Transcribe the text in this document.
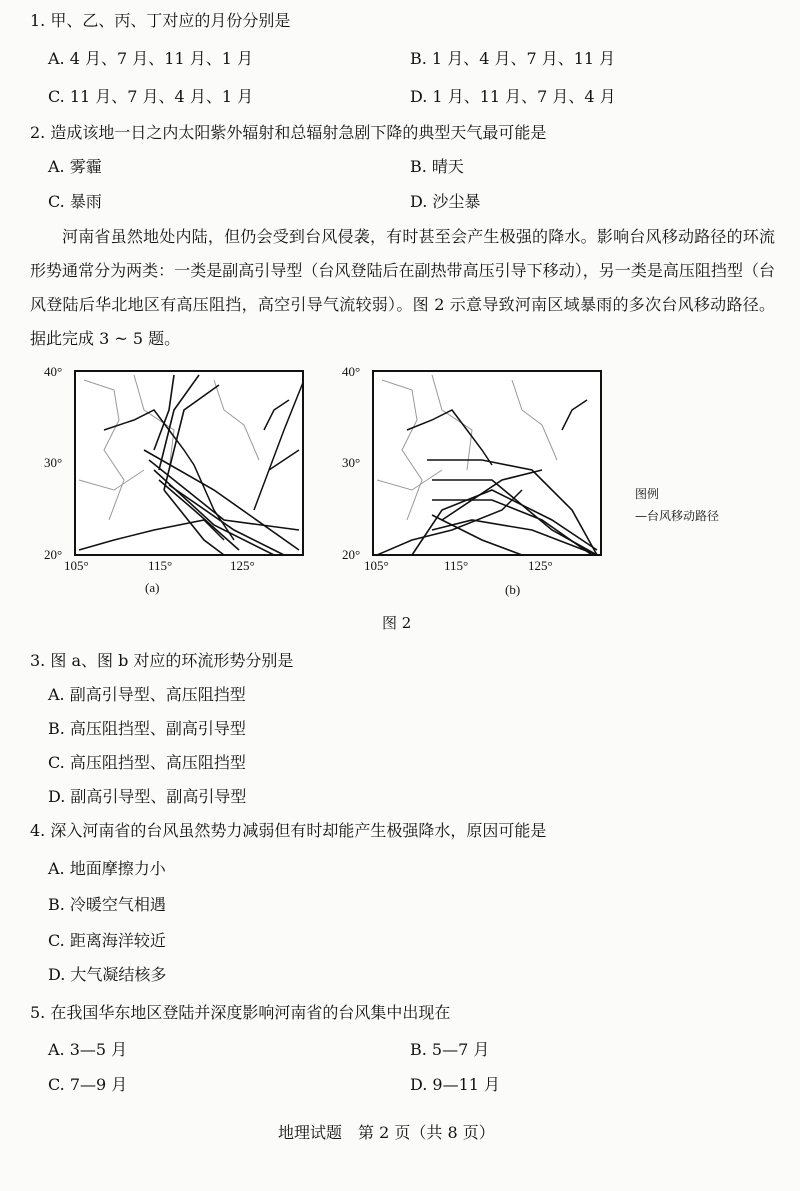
1. 甲、乙、丙、丁对应的月份分别是
A. 4 月、7 月、11 月、1 月	B. 1 月、4 月、7 月、11 月
C. 11 月、7 月、4 月、1 月	D. 1 月、11 月、7 月、4 月
2. 造成该地一日之内太阳紫外辐射和总辐射急剧下降的典型天气最可能是
A. 雾霾	B. 晴天
C. 暴雨	D. 沙尘暴
河南省虽然地处内陆，但仍会受到台风侵袭，有时甚至会产生极强的降水。影响台风移动路径的环流形势通常分为两类：一类是副高引导型（台风登陆后在副热带高压引导下移动），另一类是高压阻挡型（台风登陆后华北地区有高压阻挡，高空引导气流较弱）。图 2 示意导致河南区域暴雨的多次台风移动路径。据此完成 3 ~ 5 题。
40°
30°
20°
105°	115°	125°
(a)
40°
30°
20°
105°	115°	125°
(b)
图例
—台风移动路径
图 2
3. 图 a、图 b 对应的环流形势分别是
A. 副高引导型、高压阻挡型
B. 高压阻挡型、副高引导型
C. 高压阻挡型、高压阻挡型
D. 副高引导型、副高引导型
4. 深入河南省的台风虽然势力减弱但有时却能产生极强降水，原因可能是
A. 地面摩擦力小
B. 冷暖空气相遇
C. 距离海洋较近
D. 大气凝结核多
5. 在我国华东地区登陆并深度影响河南省的台风集中出现在
A. 3—5 月	B. 5—7 月
C. 7—9 月	D. 9—11 月
地理试题　第 2 页（共 8 页）
